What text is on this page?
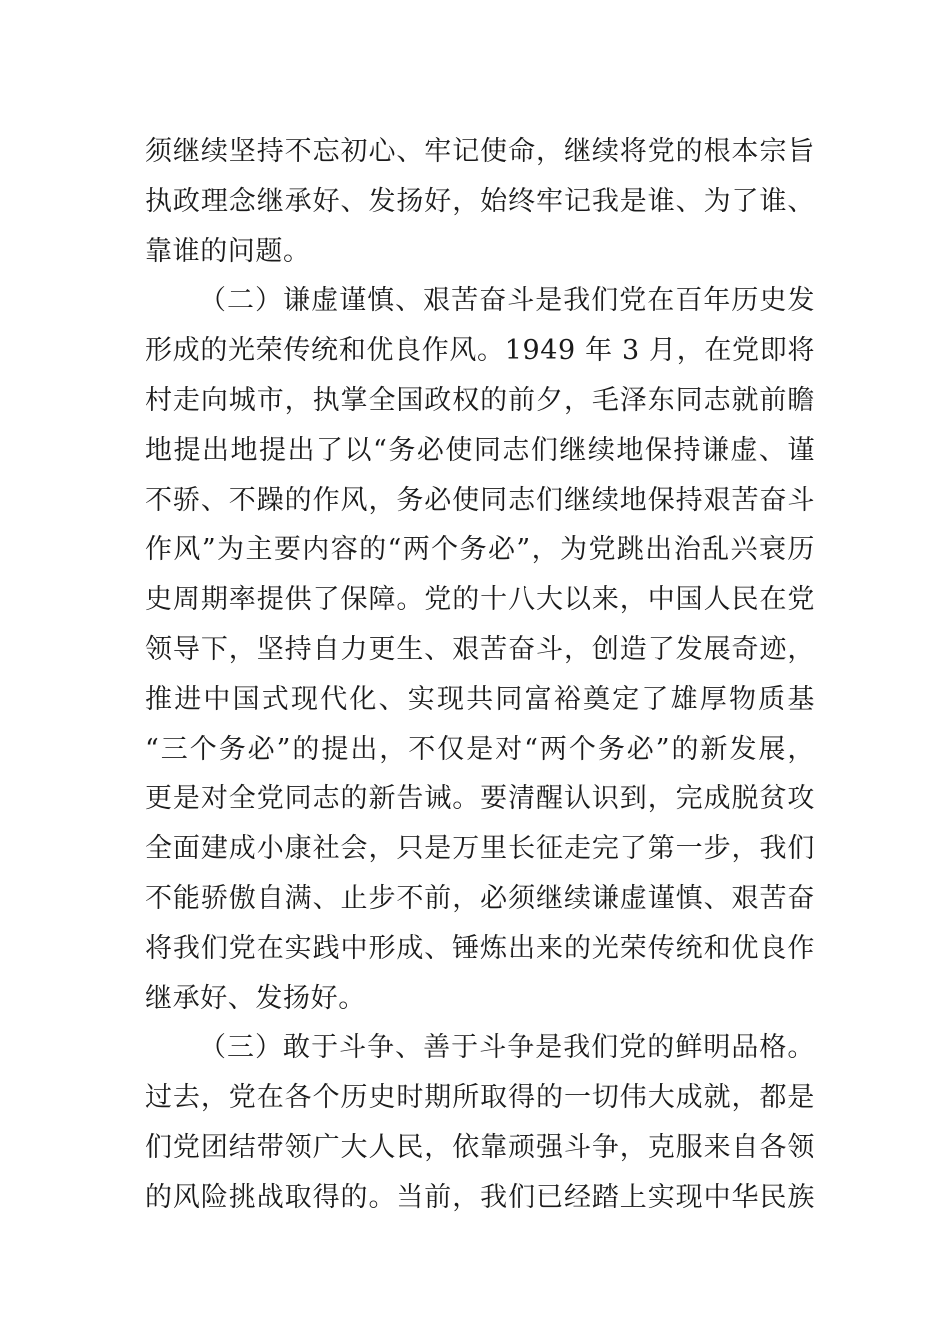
须继续坚持不忘初心、牢记使命，继续将党的根本宗旨
执政理念继承好、发扬好，始终牢记我是谁、为了谁、
靠谁的问题。
（二）谦虚谨慎、艰苦奋斗是我们党在百年历史发
形成的光荣传统和优良作风。1949 年 3 月，在党即将
村走向城市，执掌全国政权的前夕，毛泽东同志就前瞻
地提出地提出了以“务必使同志们继续地保持谦虚、谨
不骄、不躁的作风，务必使同志们继续地保持艰苦奋斗
作风”为主要内容的“两个务必”，为党跳出治乱兴衰历
史周期率提供了保障。党的十八大以来，中国人民在党
领导下，坚持自力更生、艰苦奋斗，创造了发展奇迹，
推进中国式现代化、实现共同富裕奠定了雄厚物质基
“三个务必”的提出，不仅是对“两个务必”的新发展，
更是对全党同志的新告诫。要清醒认识到，完成脱贫攻
全面建成小康社会，只是万里长征走完了第一步，我们
不能骄傲自满、止步不前，必须继续谦虚谨慎、艰苦奋
将我们党在实践中形成、锤炼出来的光荣传统和优良作
继承好、发扬好。
（三）敢于斗争、善于斗争是我们党的鲜明品格。
过去，党在各个历史时期所取得的一切伟大成就，都是
们党团结带领广大人民，依靠顽强斗争，克服来自各领
的风险挑战取得的。当前，我们已经踏上实现中华民族
